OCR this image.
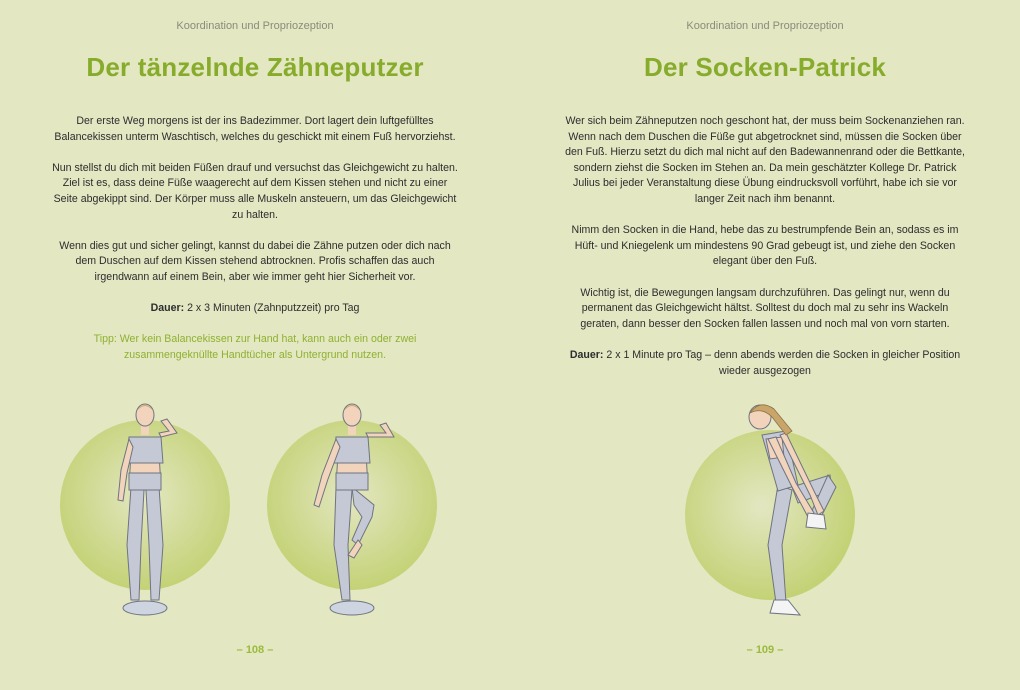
Koordination und Propriozeption
Der tänzelnde Zähneputzer

Der erste Weg morgens ist der ins Badezimmer. Dort lagert dein luftgefülltes Balancekissen unterm Waschtisch, welches du geschickt mit einem Fuß hervorziehst.

Nun stellst du dich mit beiden Füßen drauf und versuchst das Gleichgewicht zu halten. Ziel ist es, dass deine Füße waagerecht auf dem Kissen stehen und nicht zu einer Seite abgekippt sind. Der Körper muss alle Muskeln ansteuern, um das Gleichgewicht zu halten.

Wenn dies gut und sicher gelingt, kannst du dabei die Zähne putzen oder dich nach dem Duschen auf dem Kissen stehend abtrocknen. Profis schaffen das auch irgendwann auf einem Bein, aber wie immer geht hier Sicherheit vor.

Dauer: 2 x 3 Minuten (Zahnputzzeit) pro Tag

Tipp: Wer kein Balancekissen zur Hand hat, kann auch ein oder zwei zusammengeknüllte Handtücher als Untergrund nutzen.

– 108 –
Koordination und Propriozeption
Der Socken-Patrick

Wer sich beim Zähneputzen noch geschont hat, der muss beim Sockenanziehen ran. Wenn nach dem Duschen die Füße gut abgetrocknet sind, müssen die Socken über den Fuß. Hierzu setzt du dich mal nicht auf den Badewannenrand oder die Bettkante, sondern ziehst die Socken im Stehen an. Da mein geschätzter Kollege Dr. Patrick Julius bei jeder Veranstaltung diese Übung eindrucksvoll vorführt, habe ich sie vor langer Zeit nach ihm benannt.

Nimm den Socken in die Hand, hebe das zu bestrumpfende Bein an, sodass es im Hüft- und Kniegelenk um mindestens 90 Grad gebeugt ist, und ziehe den Socken elegant über den Fuß.

Wichtig ist, die Bewegungen langsam durchzuführen. Das gelingt nur, wenn du permanent das Gleichgewicht hältst. Solltest du doch mal zu sehr ins Wackeln geraten, dann besser den Socken fallen lassen und noch mal von vorn starten.

Dauer: 2 x 1 Minute pro Tag – denn abends werden die Socken in gleicher Position wieder ausgezogen

– 109 –
